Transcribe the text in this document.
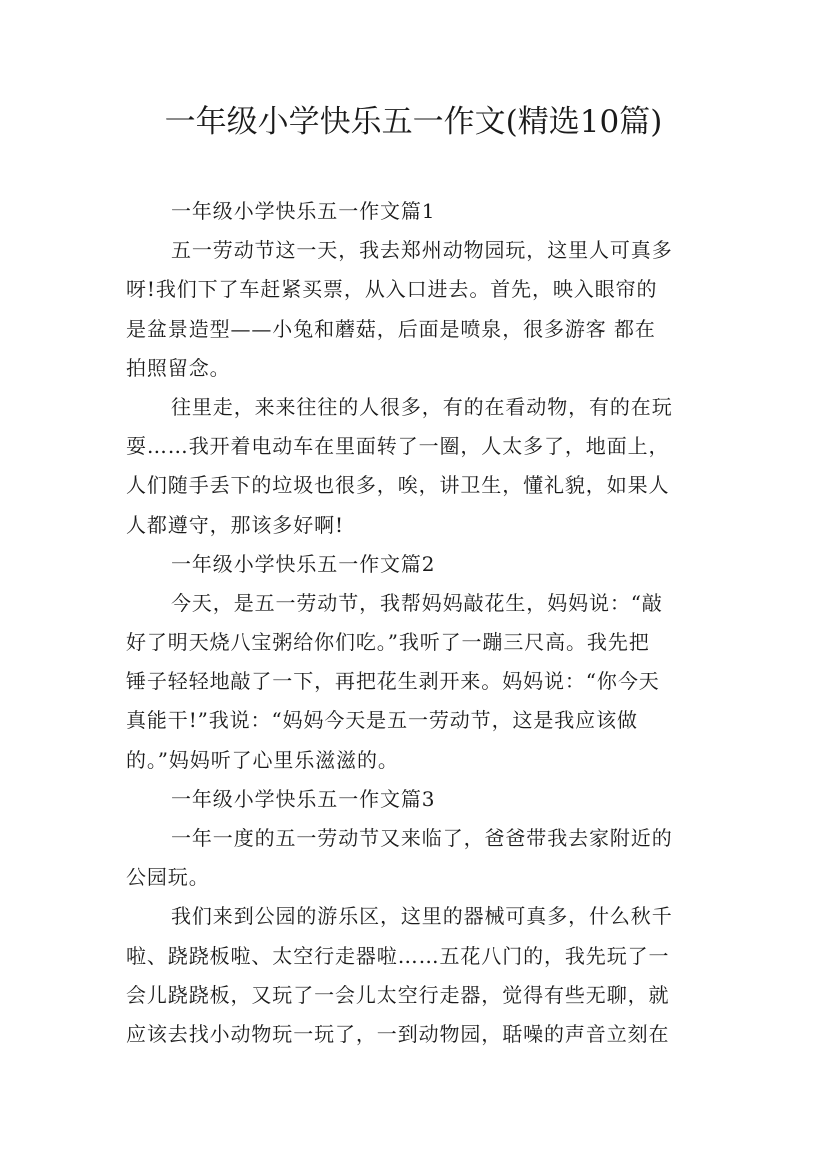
一年级小学快乐五一作文(精选10篇)

一年级小学快乐五一作文篇1

五一劳动节这一天，我去郑州动物园玩，这里人可真多

呀!我们下了车赶紧买票，从入口进去。首先，映入眼帘的

是盆景造型——小兔和蘑菇，后面是喷泉，很多游客 都在

拍照留念。

往里走，来来往往的人很多，有的在看动物，有的在玩

耍……我开着电动车在里面转了一圈，人太多了，地面上，

人们随手丢下的垃圾也很多，唉，讲卫生，懂礼貌，如果人

人都遵守，那该多好啊!

一年级小学快乐五一作文篇2

今天，是五一劳动节，我帮妈妈敲花生，妈妈说：“敲

好了明天烧八宝粥给你们吃。”我听了一蹦三尺高。我先把

锤子轻轻地敲了一下，再把花生剥开来。妈妈说：“你今天

真能干!”我说：“妈妈今天是五一劳动节，这是我应该做

的。”妈妈听了心里乐滋滋的。

一年级小学快乐五一作文篇3

一年一度的五一劳动节又来临了，爸爸带我去家附近的

公园玩。

我们来到公园的游乐区，这里的器械可真多，什么秋千

啦、跷跷板啦、太空行走器啦……五花八门的，我先玩了一

会儿跷跷板，又玩了一会儿太空行走器，觉得有些无聊，就

应该去找小动物玩一玩了，一到动物园，聒噪的声音立刻在
